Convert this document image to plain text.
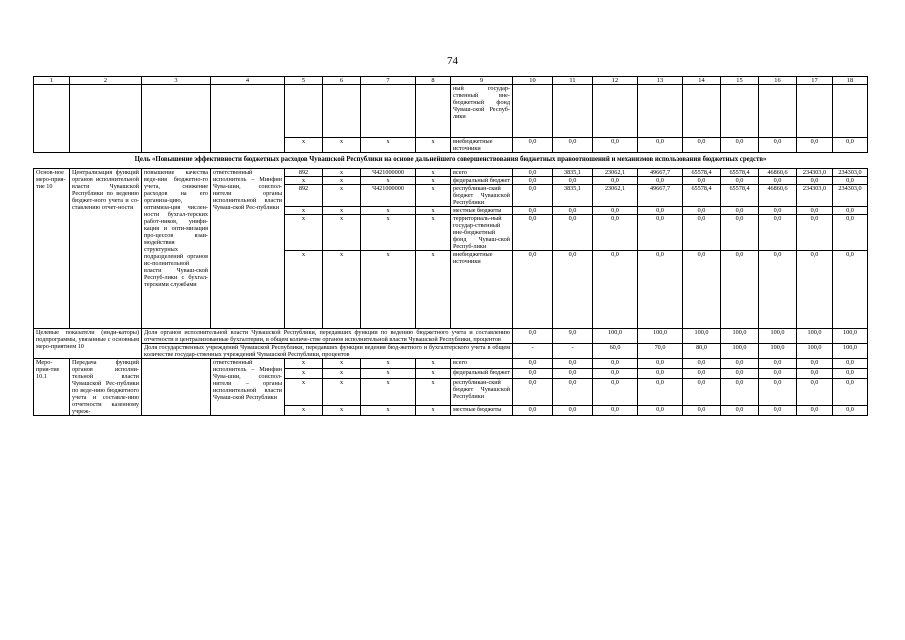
74
1	2	3	4	5	6	7	8	9	10	11	12	13	14	15	16	17	18
								ный государ-ственный вне-бюджетный фонд Чуваш-ской Респуб-лики									
				х	х	х	х	внебюджетные источники	0,0	0,0	0,0	0,0	0,0	0,0	0,0	0,0	0,0
Цель «Повышение эффективности бюджетных расходов Чувашской Республики на основе дальнейшего совершенствования бюджетных правоотношений и механизмов использования бюджетных средств»																	
Основ-ное меро-прия-тие 10	Централизация функций органов исполнительной власти Чувашской Республики по ведению бюджет-ного учета и со-ставлению отчет-ности	повышение качества веде-ния бюджетно-го учета, снижение расходов на его организа-цию, оптимиза-ция числен-ности бухгал-терских работ-ников, унифи-кация и опти-мизация про-цессов взаи-модействия структурных подразделений органов ис-полнительной власти Чуваш-ской Респуб-лики с бухгал-терскими службами	ответственный исполнитель – Минфин Чува-шии, соиспол-нители органы исполнительной власти Чуваш-ской Рес-публики	892	х	Ч421000000	х	всего	0,0	3835,1	23062,1	49667,7	65578,4	65578,4	46860,6	234303,0	234303,0
				х	х	х	х	федеральный бюджет	0,0	0,0	0,0	0,0	0,0	0,0	0,0	0,0	0,0
				892	х	Ч421000000	х	республикан-ский бюджет Чувашской Республики	0,0	3835,1	23062,1	49667,7	65578,4	65578,4	46860,6	234303,0	234303,0
				х	х	х	х	местные бюджеты	0,0	0,0	0,0	0,0	0,0	0,0	0,0	0,0	0,0
				х	х	х	х	территориаль-ный государ-ственный вне-бюджетный фонд Чуваш-ской Респуб-лики	0,0	0,0	0,0	0,0	0,0	0,0	0,0	0,0	0,0
				х	х	х	х	внебюджетные источники	0,0	0,0	0,0	0,0	0,0	0,0	0,0	0,0	0,0
Целевые показатели (инди-каторы) подпрограммы, увязанные с основным меро-приятием 10		Доля органов исполнительной власти Чувашской Республики, передавших функции по ведению бюджетного учета и составлению отчетности в централизованные бухгалтерии, в общем количе-стве органов исполнительной власти Чувашской Республики, процентов							0,0	9,0	100,0	100,0	100,0	100,0	100,0	100,0	100,0
		Доля государственных учреждений Чувашской Республики, передавших функции ведения бюд-жетного и бухгалтерского учета в общем количестве государ-ственных учреждений Чувашской Республики, процентов							-	-	60,0	70,0	80,0	100,0	100,0	100,0	100,0
Меро-прия-тие 10.1	Передача функций органов исполни-тельной власти Чувашской Рес-публики по веде-нию бюджетного учета и составле-нию отчетности казенному учреж-		ответственный исполнитель – Минфин Чува-шии, соиспол-нители – органы исполнительной власти Чуваш-ской Республики	х	х	х	х	всего	0,0	0,0	0,0	0,0	0,0	0,0	0,0	0,0	0,0
				х	х	х	х	федеральный бюджет	0,0	0,0	0,0	0,0	0,0	0,0	0,0	0,0	0,0
				х	х	х	х	республикан-ский бюджет Чувашской Республики	0,0	0,0	0,0	0,0	0,0	0,0	0,0	0,0	0,0
				х	х	х	х	местные бюджеты	0,0	0,0	0,0	0,0	0,0	0,0	0,0	0,0	0,0
